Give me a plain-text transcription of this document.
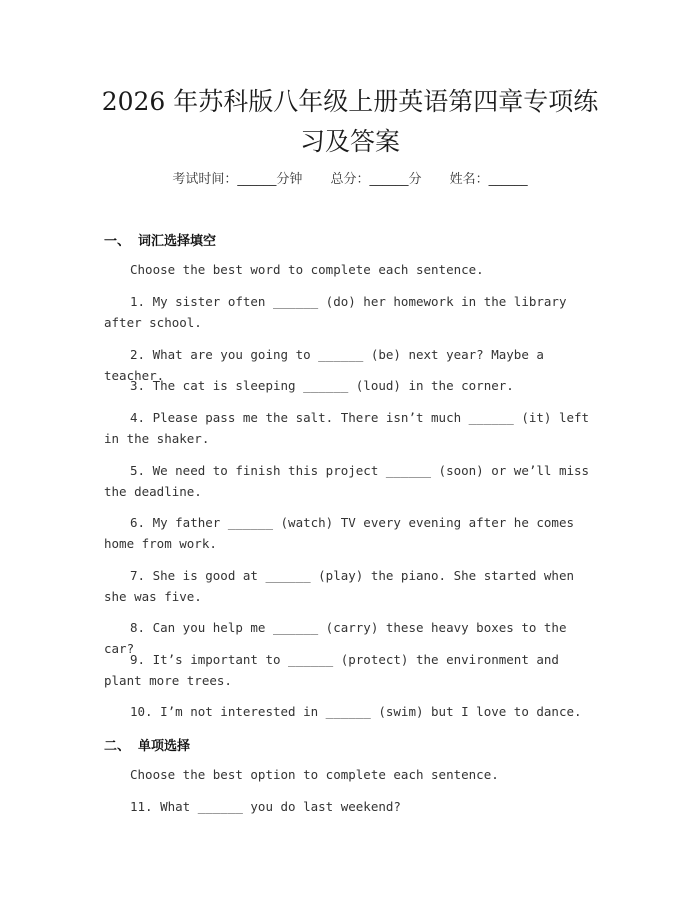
2026 年苏科版八年级上册英语第四章专项练
习及答案
考试时间：______分钟 总分：______分 姓名：______
一、 词汇选择填空
Choose the best word to complete each sentence.
1. My sister often ______ (do) her homework in the library after school.
2. What are you going to ______ (be) next year? Maybe a teacher.
3. The cat is sleeping ______ (loud) in the corner.
4. Please pass me the salt. There isn’t much ______ (it) left in the shaker.
5. We need to finish this project ______ (soon) or we’ll miss the deadline.
6. My father ______ (watch) TV every evening after he comes home from work.
7. She is good at ______ (play) the piano. She started when she was five.
8. Can you help me ______ (carry) these heavy boxes to the car?
9. It’s important to ______ (protect) the environment and plant more trees.
10. I’m not interested in ______ (swim) but I love to dance.
二、 单项选择
Choose the best option to complete each sentence.
11. What ______ you do last weekend?
